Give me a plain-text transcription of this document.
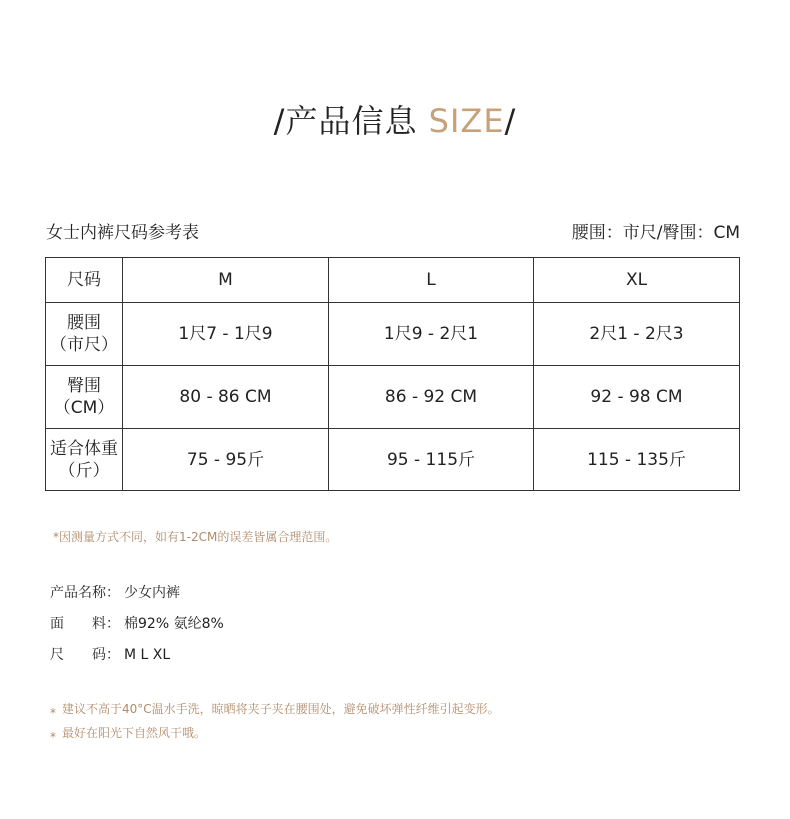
/产品信息 SIZE/
女士内裤尺码参考表	腰围：市尺/臀围：CM
尺码	M	L	XL

腰围
（市尺）	1尺7 - 1尺9	1尺9 - 2尺1	2尺1 - 2尺3

臀围
（CM）	80 - 86 CM	86 - 92 CM	92 - 98 CM

适合体重
（斤）	75 - 95斤	95 - 115斤	115 - 135斤
*因测量方式不同，如有1-2CM的误差皆属合理范围。
产品名称： 少女内裤
面　　料： 棉92% 氨纶8%
尺　　码： M L XL
* 建议不高于40°C温水手洗，晾晒将夹子夹在腰围处，避免破坏弹性纤维引起变形。
* 最好在阳光下自然风干哦。
